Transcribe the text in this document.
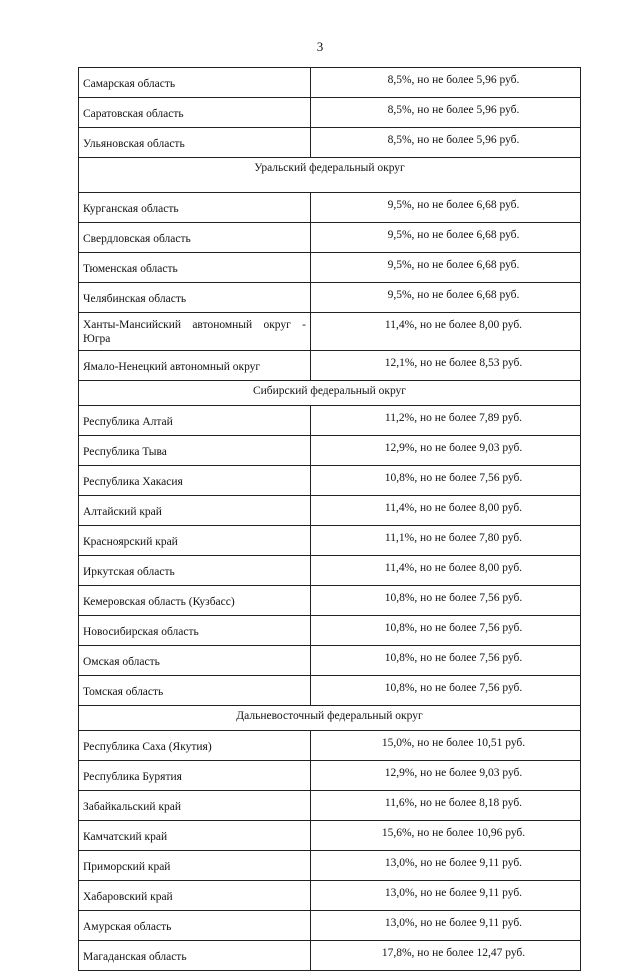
3
Самарская область	8,5%, но не более 5,96 руб.
Саратовская область	8,5%, но не более 5,96 руб.
Ульяновская область	8,5%, но не более 5,96 руб.
Уральский федеральный округ	
Курганская область	9,5%, но не более 6,68 руб.
Свердловская область	9,5%, но не более 6,68 руб.
Тюменская область	9,5%, но не более 6,68 руб.
Челябинская область	9,5%, но не более 6,68 руб.
Ханты-Мансийский автономный округ - Югра	11,4%, но не более 8,00 руб.
Ямало-Ненецкий автономный округ	12,1%, но не более 8,53 руб.
Сибирский федеральный округ	
Республика Алтай	11,2%, но не более 7,89 руб.
Республика Тыва	12,9%, но не более 9,03 руб.
Республика Хакасия	10,8%, но не более 7,56 руб.
Алтайский край	11,4%, но не более 8,00 руб.
Красноярский край	11,1%, но не более 7,80 руб.
Иркутская область	11,4%, но не более 8,00 руб.
Кемеровская область (Кузбасс)	10,8%, но не более 7,56 руб.
Новосибирская область	10,8%, но не более 7,56 руб.
Омская область	10,8%, но не более 7,56 руб.
Томская область	10,8%, но не более 7,56 руб.
Дальневосточный федеральный округ	
Республика Саха (Якутия)	15,0%, но не более 10,51 руб.
Республика Бурятия	12,9%, но не более 9,03 руб.
Забайкальский край	11,6%, но не более 8,18 руб.
Камчатский край	15,6%, но не более 10,96 руб.
Приморский край	13,0%, но не более 9,11 руб.
Хабаровский край	13,0%, но не более 9,11 руб.
Амурская область	13,0%, но не более 9,11 руб.
Магаданская область	17,8%, но не более 12,47 руб.
